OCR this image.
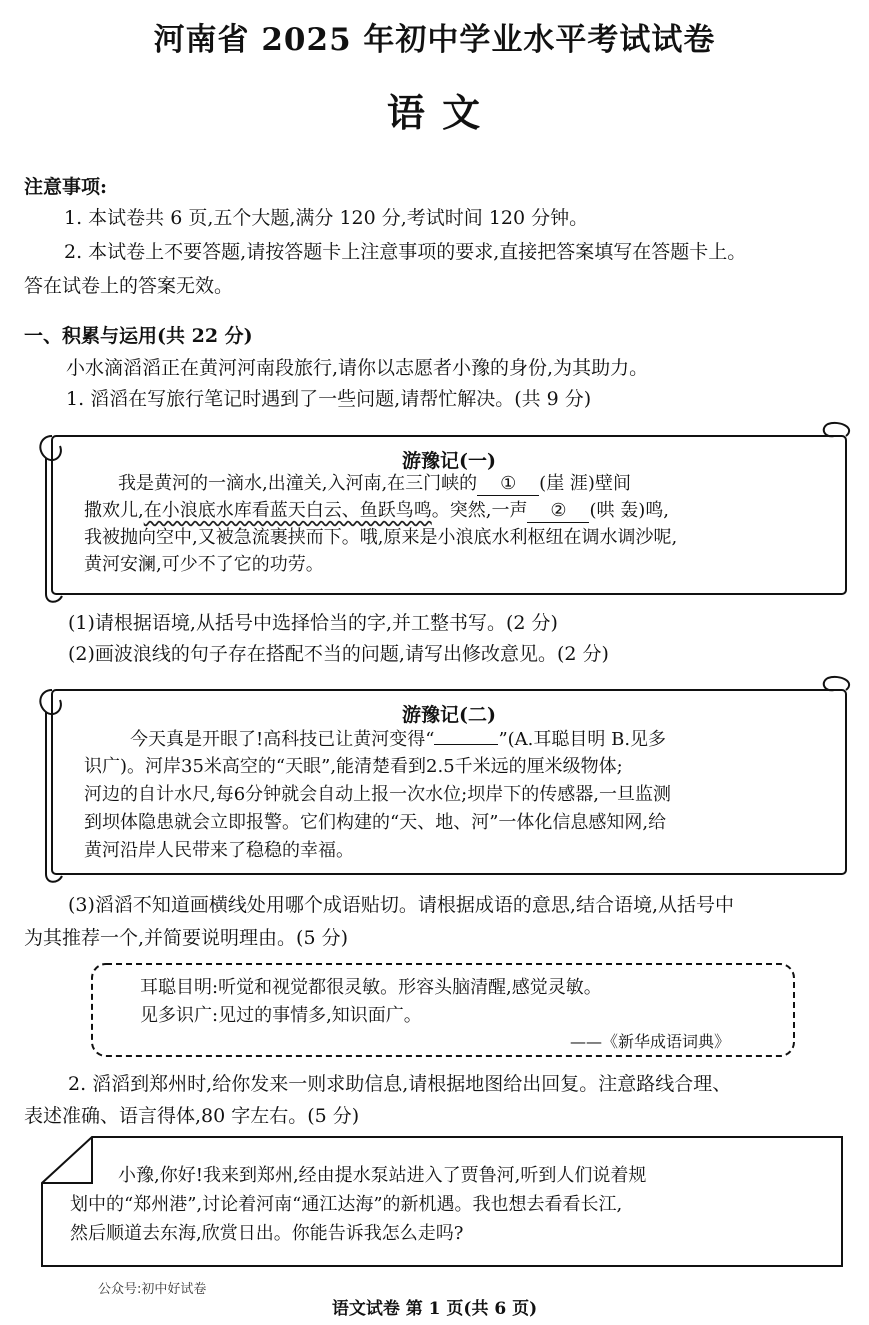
河南省 2025 年初中学业水平考试试卷
语 文
注意事项:
1. 本试卷共 6 页,五个大题,满分 120 分,考试时间 120 分钟。
2. 本试卷上不要答题,请按答题卡上注意事项的要求,直接把答案填写在答题卡上。
答在试卷上的答案无效。
一、积累与运用(共 22 分)
小水滴滔滔正在黄河河南段旅行,请你以志愿者小豫的身份,为其助力。
1. 滔滔在写旅行笔记时遇到了一些问题,请帮忙解决。(共 9 分)
游豫记(一)
我是黄河的一滴水,出潼关,入河南,在三门峡的 ① (崖 涯)壁间
撒欢儿,在小浪底水库看蓝天白云、鱼跃鸟鸣。突然,一声 ② (哄 轰)鸣,
我被抛向空中,又被急流裹挟而下。哦,原来是小浪底水利枢纽在调水调沙呢,
黄河安澜,可少不了它的功劳。
(1)请根据语境,从括号中选择恰当的字,并工整书写。(2 分)
(2)画波浪线的句子存在搭配不当的问题,请写出修改意见。(2 分)
游豫记(二)
今天真是开眼了!高科技已让黄河变得“	”(A.耳聪目明 B.见多
识广)。河岸35米高空的“天眼”,能清楚看到2.5千米远的厘米级物体;
河边的自计水尺,每6分钟就会自动上报一次水位;坝岸下的传感器,一旦监测
到坝体隐患就会立即报警。它们构建的“天、地、河”一体化信息感知网,给
黄河沿岸人民带来了稳稳的幸福。
(3)滔滔不知道画横线处用哪个成语贴切。请根据成语的意思,结合语境,从括号中
为其推荐一个,并简要说明理由。(5 分)
耳聪目明:听觉和视觉都很灵敏。形容头脑清醒,感觉灵敏。
见多识广:见过的事情多,知识面广。
——《新华成语词典》
2. 滔滔到郑州时,给你发来一则求助信息,请根据地图给出回复。注意路线合理、
表述准确、语言得体,80 字左右。(5 分)
小豫,你好!我来到郑州,经由提水泵站进入了贾鲁河,听到人们说着规
划中的“郑州港”,讨论着河南“通江达海”的新机遇。我也想去看看长江,
然后顺道去东海,欣赏日出。你能告诉我怎么走吗?
公众号:初中好试卷
语文试卷 第 1 页(共 6 页)
